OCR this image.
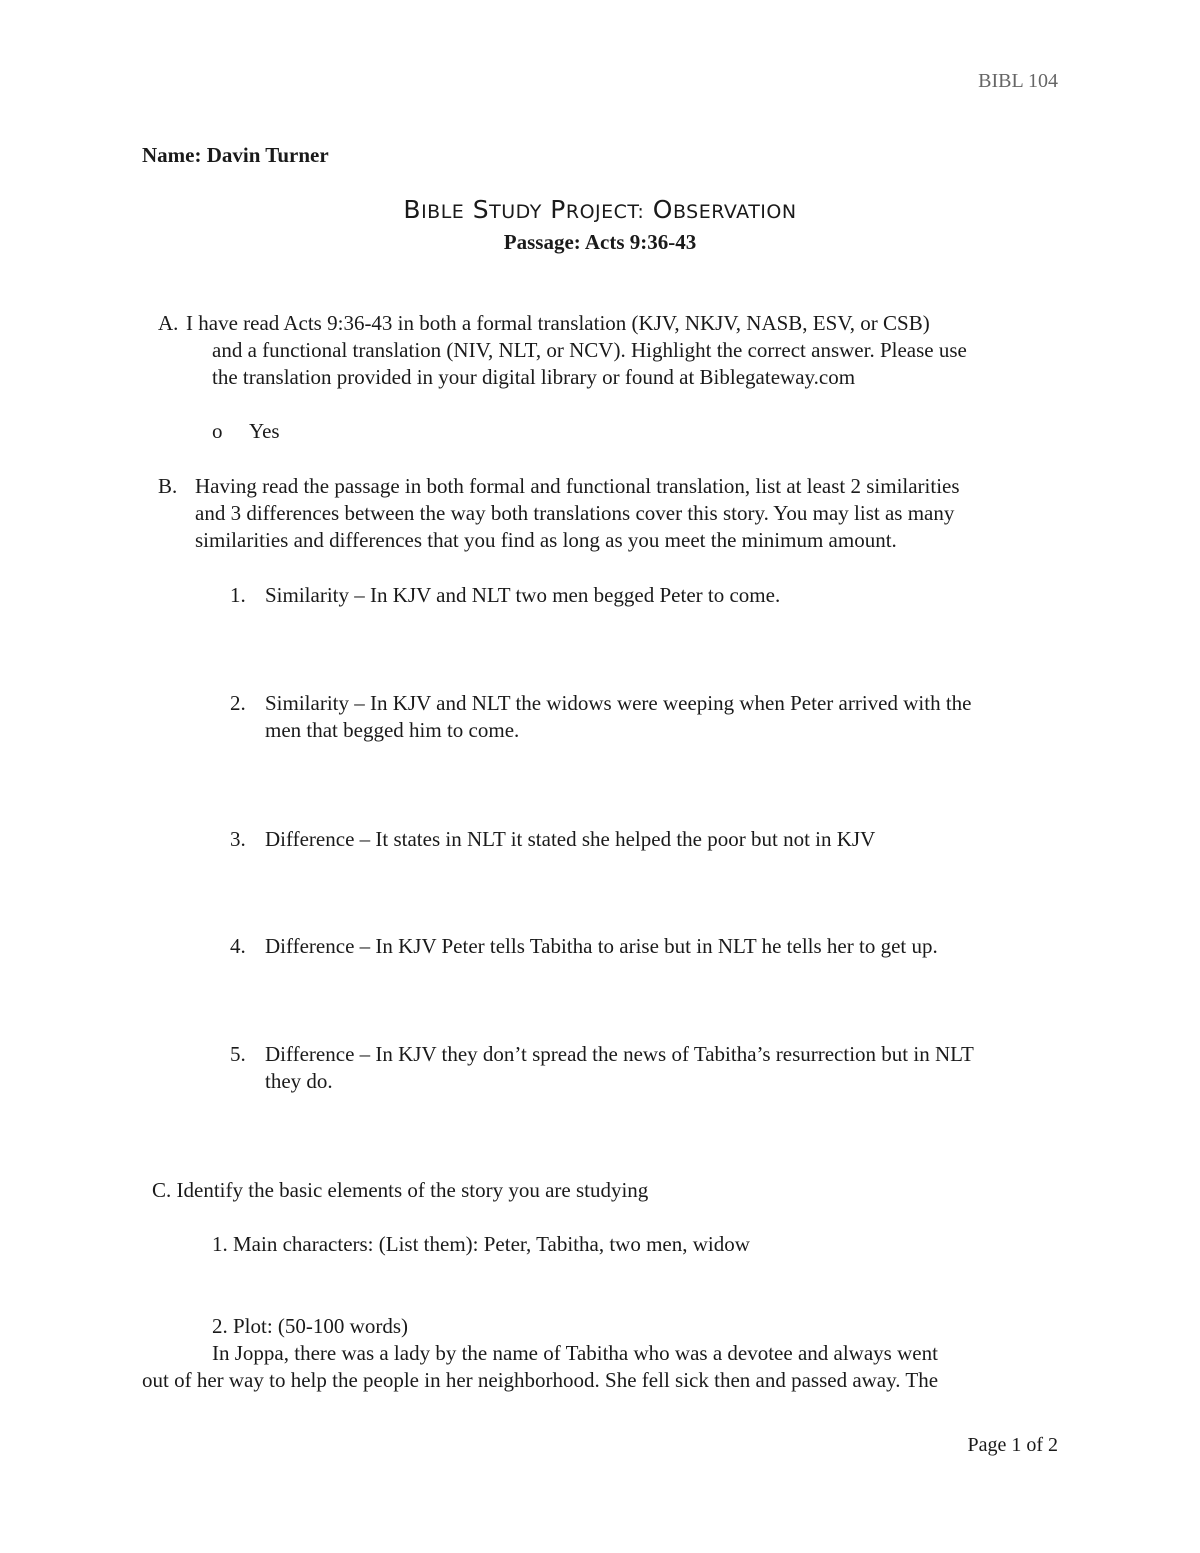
BIBL 104
Name: Davin Turner
BIBLE STUDY PROJECT: OBSERVATION
Passage: Acts 9:36-43
A. I have read Acts 9:36-43 in both a formal translation (KJV, NKJV, NASB, ESV, or CSB)
and a functional translation (NIV, NLT, or NCV). Highlight the correct answer. Please use
the translation provided in your digital library or found at Biblegateway.com
o Yes
B. Having read the passage in both formal and functional translation, list at least 2 similarities
and 3 differences between the way both translations cover this story. You may list as many
similarities and differences that you find as long as you meet the minimum amount.
1. Similarity – In KJV and NLT two men begged Peter to come.
2. Similarity – In KJV and NLT the widows were weeping when Peter arrived with the
men that begged him to come.
3. Difference – It states in NLT it stated she helped the poor but not in KJV
4. Difference – In KJV Peter tells Tabitha to arise but in NLT he tells her to get up.
5. Difference – In KJV they don’t spread the news of Tabitha’s resurrection but in NLT
they do.
C. Identify the basic elements of the story you are studying
1. Main characters: (List them): Peter, Tabitha, two men, widow
2. Plot: (50-100 words)
In Joppa, there was a lady by the name of Tabitha who was a devotee and always went
out of her way to help the people in her neighborhood. She fell sick then and passed away. The
Page 1 of 2
